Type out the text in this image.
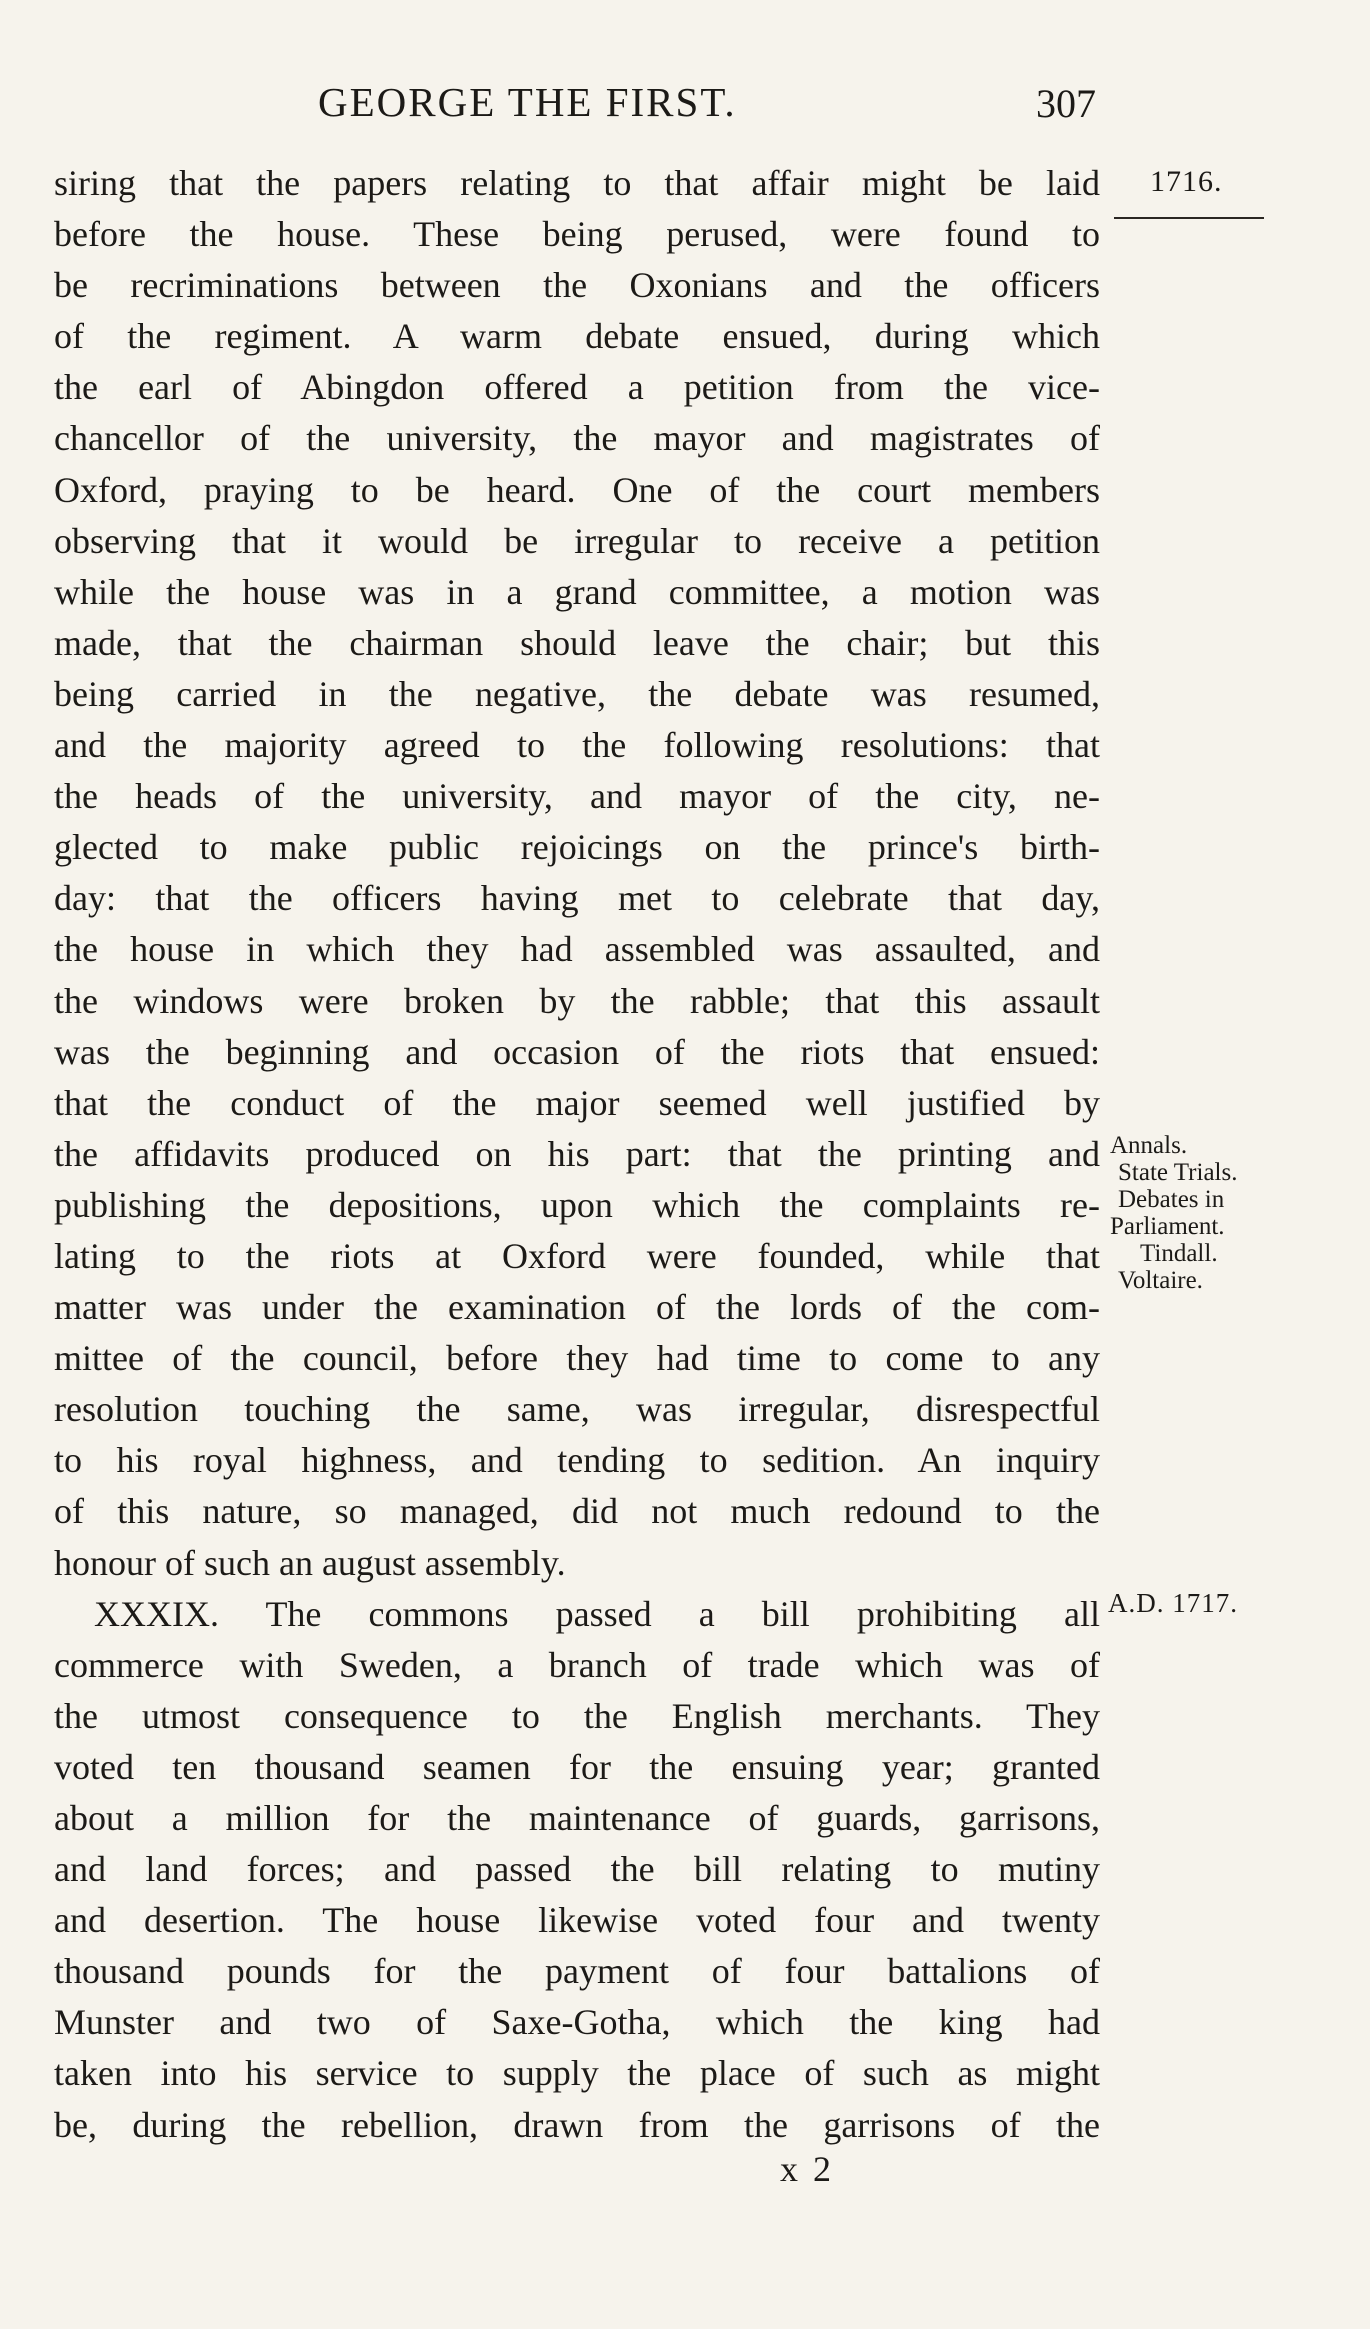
GEORGE THE FIRST.	307
1716.
siring that the papers relating to that affair might be laid
before the house. These being perused, were found to
be recriminations between the Oxonians and the officers
of the regiment. A warm debate ensued, during which
the earl of Abingdon offered a petition from the vice-
chancellor of the university, the mayor and magistrates of
Oxford, praying to be heard. One of the court members
observing that it would be irregular to receive a petition
while the house was in a grand committee, a motion was
made, that the chairman should leave the chair; but this
being carried in the negative, the debate was resumed,
and the majority agreed to the following resolutions: that
the heads of the university, and mayor of the city, ne-
glected to make public rejoicings on the prince's birth-
day: that the officers having met to celebrate that day,
the house in which they had assembled was assaulted, and
the windows were broken by the rabble; that this assault
was the beginning and occasion of the riots that ensued:
that the conduct of the major seemed well justified by
the affidavits produced on his part: that the printing and
publishing the depositions, upon which the complaints re-
lating to the riots at Oxford were founded, while that
matter was under the examination of the lords of the com-
mittee of the council, before they had time to come to any
resolution touching the same, was irregular, disrespectful
to his royal highness, and tending to sedition. An inquiry
of this nature, so managed, did not much redound to the
honour of such an august assembly.
XXXIX. The commons passed a bill prohibiting all
commerce with Sweden, a branch of trade which was of
the utmost consequence to the English merchants. They
voted ten thousand seamen for the ensuing year; granted
about a million for the maintenance of guards, garrisons,
and land forces; and passed the bill relating to mutiny
and desertion. The house likewise voted four and twenty
thousand pounds for the payment of four battalions of
Munster and two of Saxe-Gotha, which the king had
taken into his service to supply the place of such as might
be, during the rebellion, drawn from the garrisons of the
Annals.
State Trials.
Debates in
Parliament.
Tindall.
Voltaire.
A.D. 1717.
x 2
